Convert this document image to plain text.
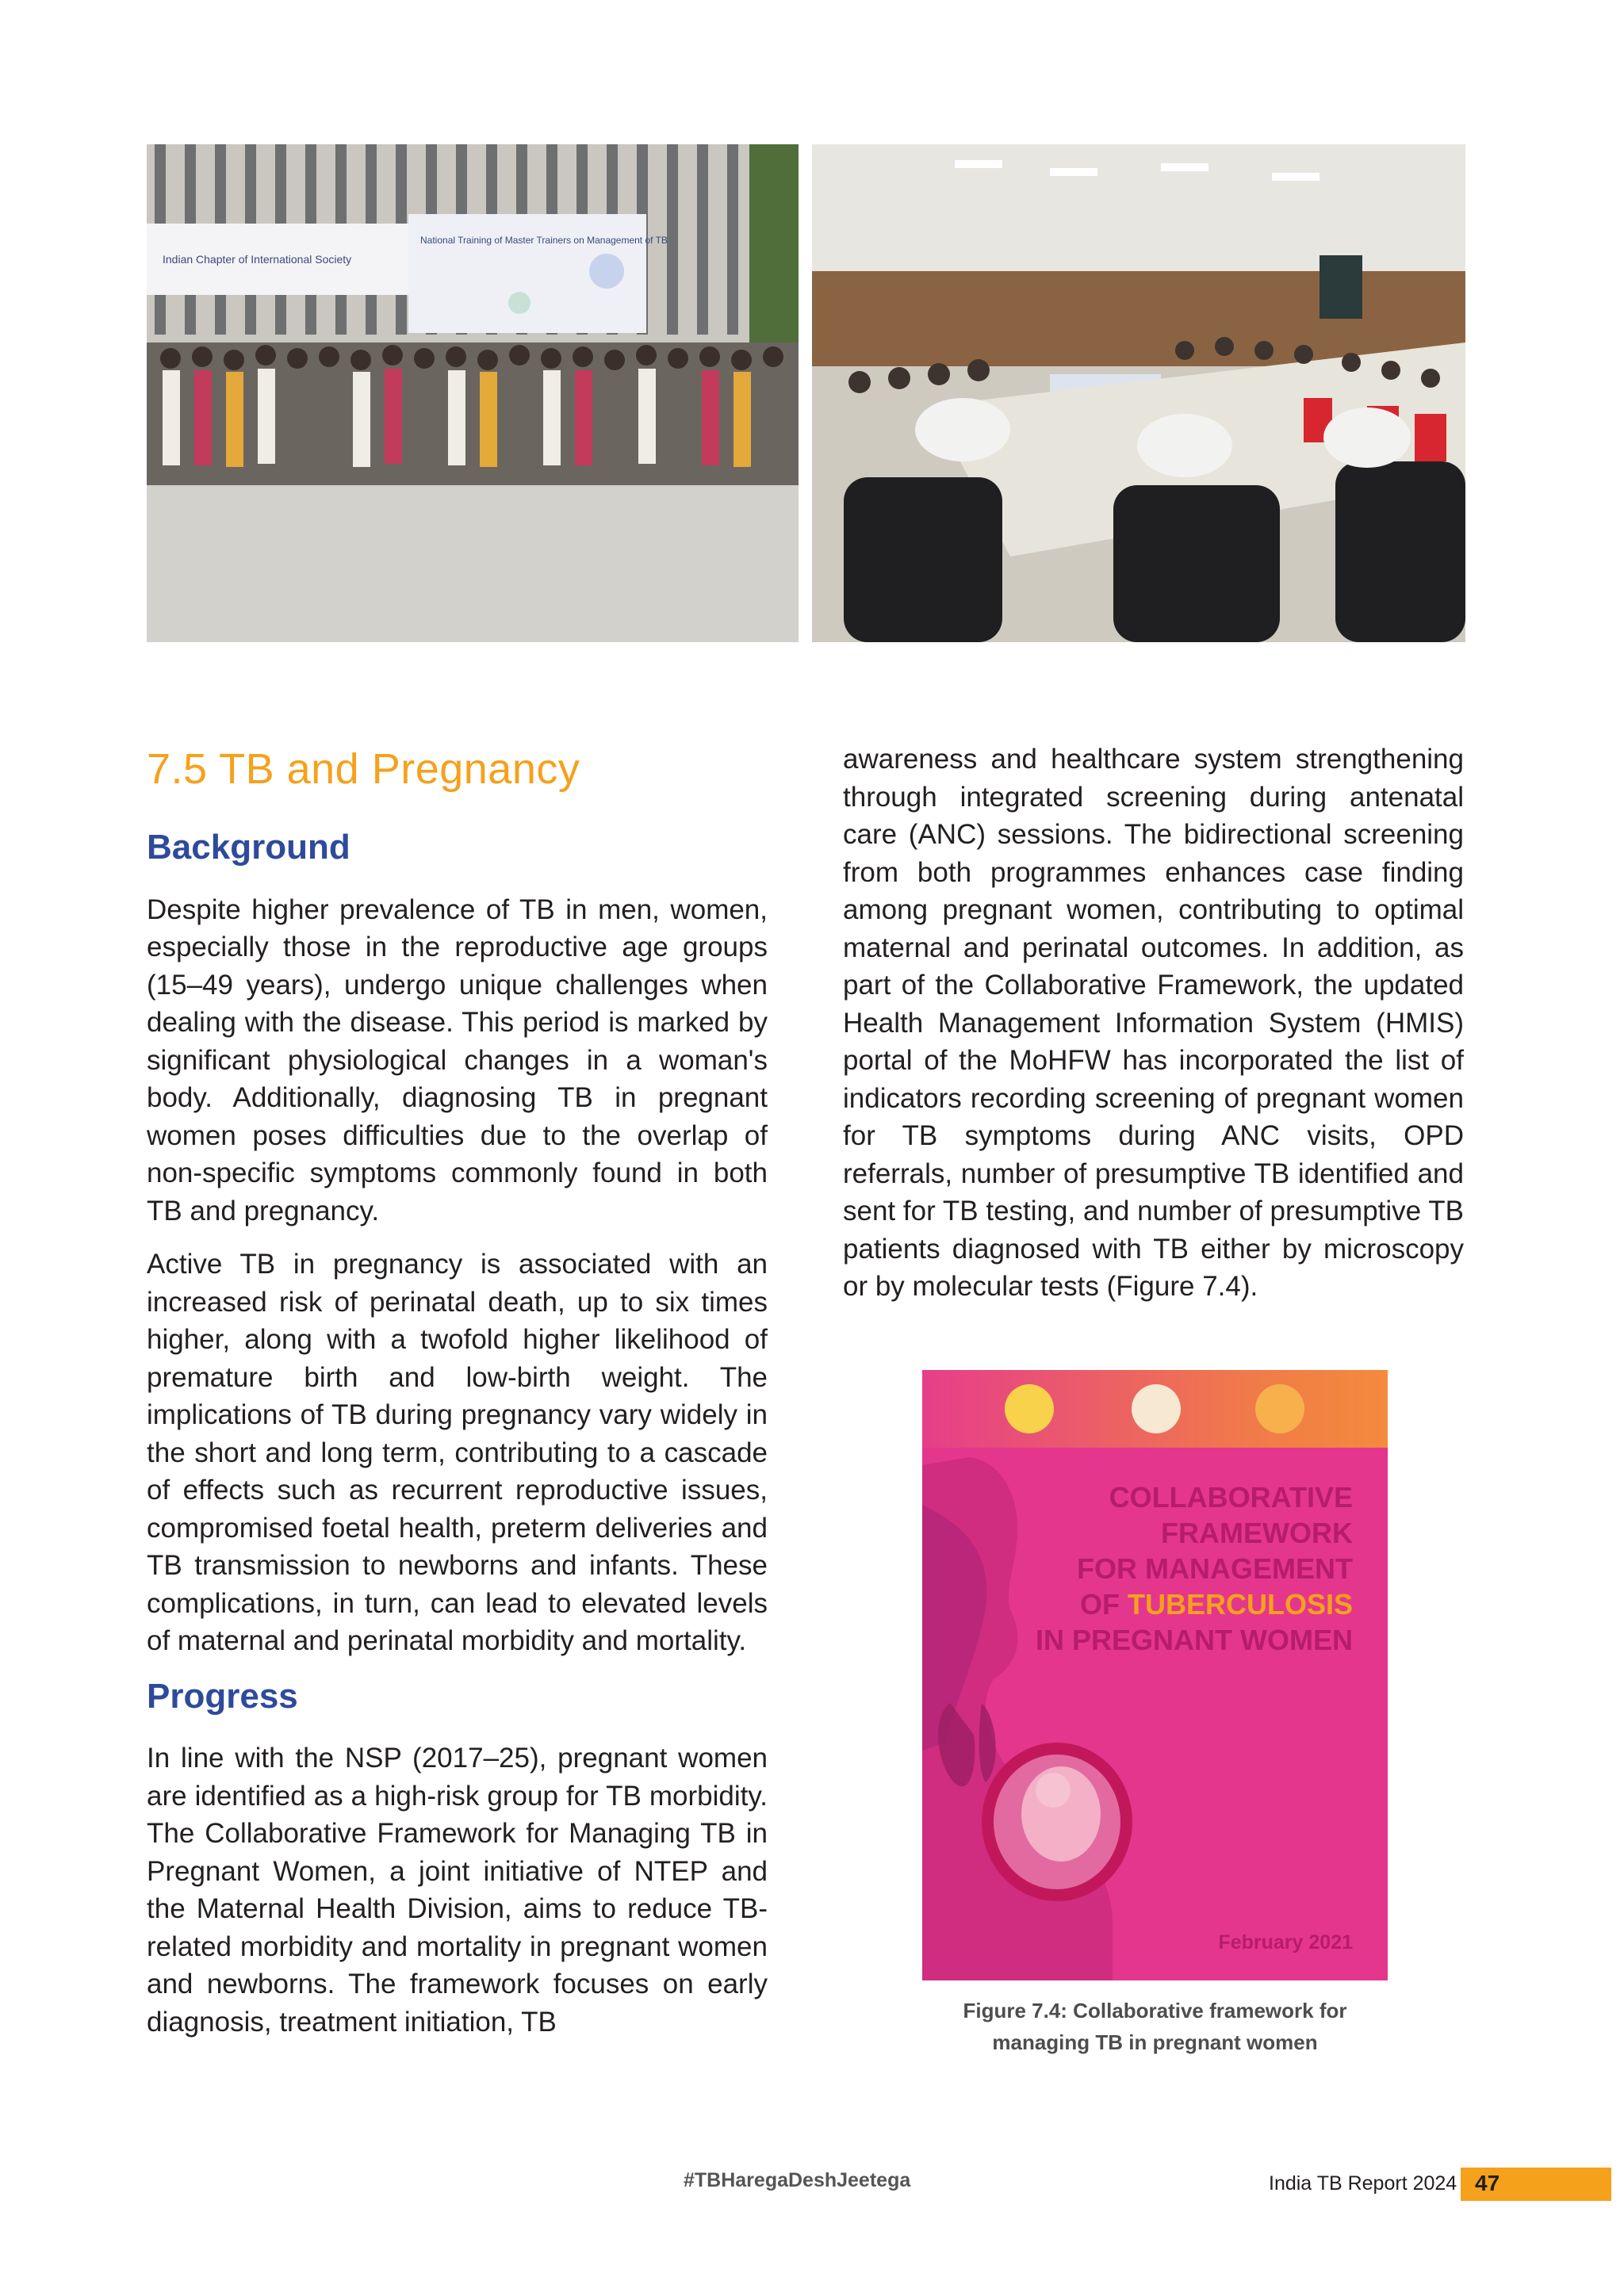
Indian Chapter of International Society
National Training of Master Trainers on Management of TB
7.5 TB and Pregnancy
Background

Despite higher prevalence of TB in men, women, especially those in the reproductive age groups (15–49 years), undergo unique challenges when dealing with the disease. This period is marked by significant physiological changes in a woman's body. Additionally, diagnosing TB in pregnant women poses difficulties due to the overlap of non-specific symptoms commonly found in both TB and pregnancy.

Active TB in pregnancy is associated with an increased risk of perinatal death, up to six times higher, along with a twofold higher likelihood of premature birth and low-birth weight. The implications of TB during pregnancy vary widely in the short and long term, contributing to a cascade of effects such as recurrent reproductive issues, compromised foetal health, preterm deliveries and TB transmission to newborns and infants. These complications, in turn, can lead to elevated levels of maternal and perinatal morbidity and mortality.

Progress

In line with the NSP (2017–25), pregnant women are identified as a high-risk group for TB morbidity. The Collaborative Framework for Managing TB in Pregnant Women, a joint initiative of NTEP and the Maternal Health Division, aims to reduce TB-related morbidity and mortality in pregnant women and newborns. The framework focuses on early diagnosis, treatment initiation, TB

awareness and healthcare system strengthening through integrated screening during antenatal care (ANC) sessions. The bidirectional screening from both programmes enhances case finding among pregnant women, contributing to optimal maternal and perinatal outcomes. In addition, as part of the Collaborative Framework, the updated Health Management Information System (HMIS) portal of the MoHFW has incorporated the list of indicators recording screening of pregnant women for TB symptoms during ANC visits, OPD referrals, number of presumptive TB identified and sent for TB testing, and number of presumptive TB patients diagnosed with TB either by microscopy or by molecular tests (Figure 7.4).

COLLABORATIVE
FRAMEWORK
FOR MANAGEMENT
OF TUBERCULOSIS
IN PREGNANT WOMEN
February 2021
Figure 7.4: Collaborative framework for
managing TB in pregnant women
#TBHaregaDeshJeetega	India TB Report 2024 47
